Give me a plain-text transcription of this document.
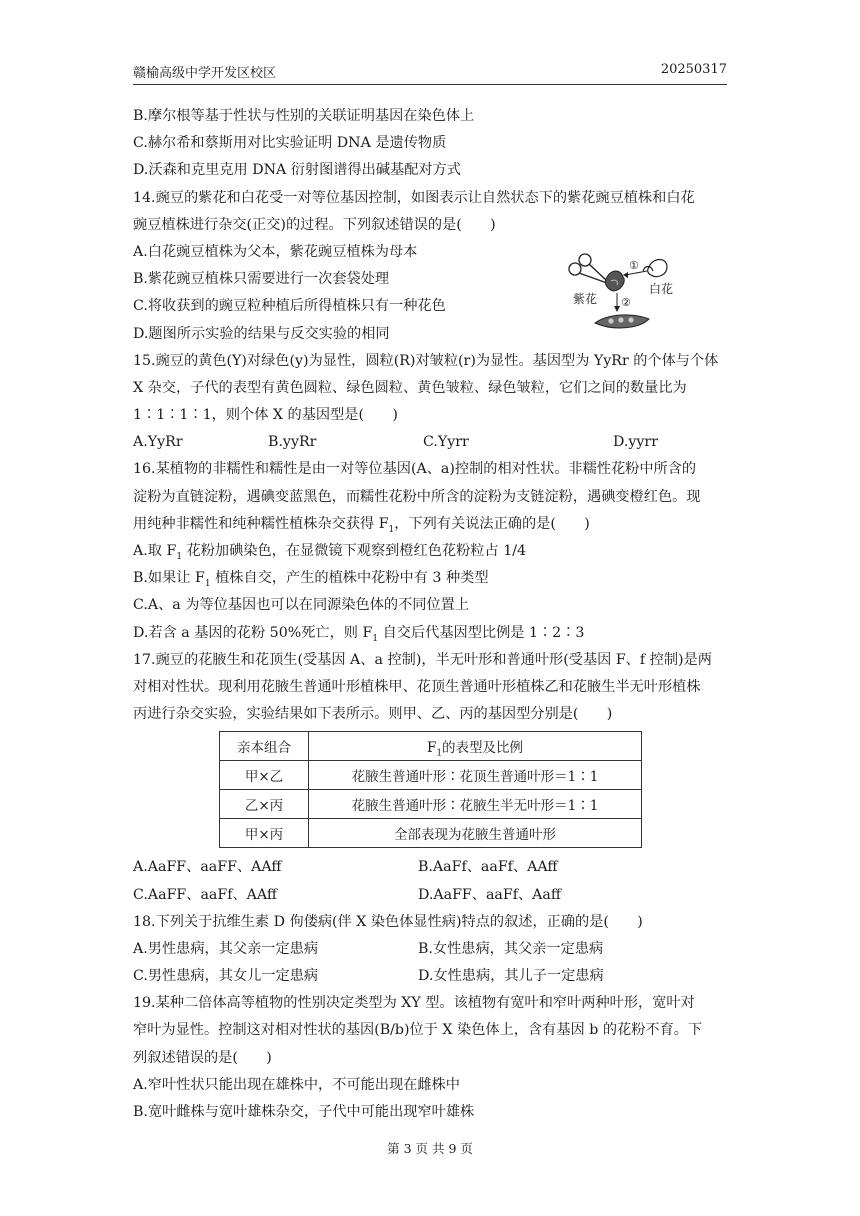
赣榆高级中学开发区校区	20250317
B.摩尔根等基于性状与性别的关联证明基因在染色体上
C.赫尔希和蔡斯用对比实验证明 DNA 是遗传物质
D.沃森和克里克用 DNA 衍射图谱得出碱基配对方式
14.豌豆的紫花和白花受一对等位基因控制，如图表示让自然状态下的紫花豌豆植株和白花
豌豆植株进行杂交(正交)的过程。下列叙述错误的是(　　)
A.白花豌豆植株为父本，紫花豌豆植株为母本
B.紫花豌豆植株只需要进行一次套袋处理
C.将收获到的豌豆粒种植后所得植株只有一种花色
D.题图所示实验的结果与反交实验的相同
15.豌豆的黄色(Y)对绿色(y)为显性，圆粒(R)对皱粒(r)为显性。基因型为 YyRr 的个体与个体
X 杂交，子代的表型有黄色圆粒、绿色圆粒、黄色皱粒、绿色皱粒，它们之间的数量比为
1∶1∶1∶1，则个体 X 的基因型是(　　)
A.YyRr	B.yyRr	C.Yyrr	D.yyrr
16.某植物的非糯性和糯性是由一对等位基因(A、a)控制的相对性状。非糯性花粉中所含的
淀粉为直链淀粉，遇碘变蓝黑色，而糯性花粉中所含的淀粉为支链淀粉，遇碘变橙红色。现
用纯种非糯性和纯种糯性植株杂交获得 $F_1$，下列有关说法正确的是(　　)
A.取 $F_1$ 花粉加碘染色，在显微镜下观察到橙红色花粉粒占 1/4
B.如果让 $F_1$ 植株自交，产生的植株中花粉中有 3 种类型
C.A、a 为等位基因也可以在同源染色体的不同位置上
D.若含 a 基因的花粉 50%死亡，则 $F_1$ 自交后代基因型比例是 1∶2∶3
17.豌豆的花腋生和花顶生(受基因 A、a 控制)，半无叶形和普通叶形(受基因 F、f 控制)是两
对相对性状。现利用花腋生普通叶形植株甲、花顶生普通叶形植株乙和花腋生半无叶形植株
丙进行杂交实验，实验结果如下表所示。则甲、乙、丙的基因型分别是(　　)
亲本组合	$F_1$的表型及比例
甲×乙	花腋生普通叶形∶花顶生普通叶形＝1∶1
乙×丙	花腋生普通叶形∶花腋生半无叶形＝1∶1
甲×丙	全部表现为花腋生普通叶形
A.AaFF、aaFF、AAff	B.AaFf、aaFf、AAff
C.AaFF、aaFf、AAff	D.AaFF、aaFf、Aaff
18.下列关于抗维生素 D 佝偻病(伴 X 染色体显性病)特点的叙述，正确的是(　　)
A.男性患病，其父亲一定患病	B.女性患病，其父亲一定患病
C.男性患病，其女儿一定患病	D.女性患病，其儿子一定患病
19.某种二倍体高等植物的性别决定类型为 XY 型。该植物有宽叶和窄叶两种叶形，宽叶对
窄叶为显性。控制这对相对性状的基因(B/b)位于 X 染色体上，含有基因 b 的花粉不育。下
列叙述错误的是(　　)
A.窄叶性状只能出现在雄株中，不可能出现在雌株中
B.宽叶雌株与宽叶雄株杂交，子代中可能出现窄叶雄株
①
白花
紫花 ②
第 3 页 共 9 页
